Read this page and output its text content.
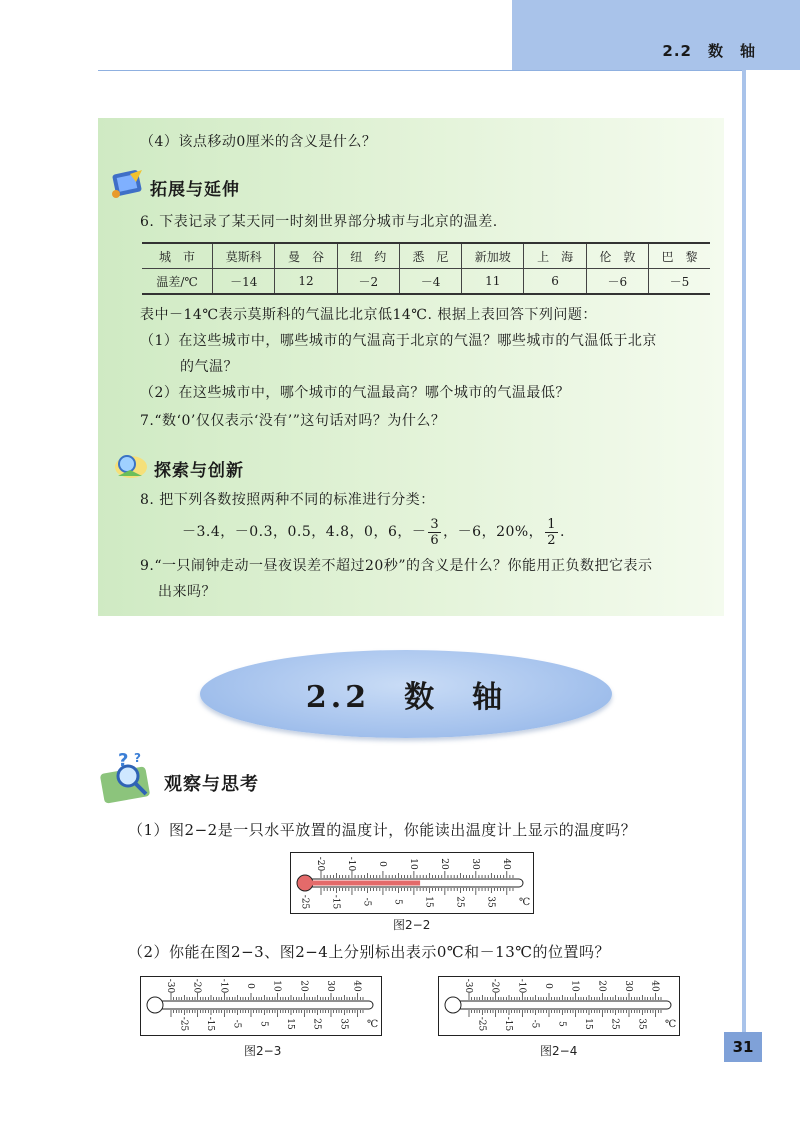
2.2　数　轴
（4）该点移动0厘米的含义是什么？
拓展与延伸
6. 下表记录了某天同一时刻世界部分城市与北京的温差.
城　市	莫斯科	曼　谷	纽　约	悉　尼	新加坡	上　海	伦　敦	巴　黎
温差/℃	－14	12	－2	－4	11	6	－6	－5
表中－14℃表示莫斯科的气温比北京低14℃. 根据上表回答下列问题：
（1）在这些城市中，哪些城市的气温高于北京的气温？哪些城市的气温低于北京
的气温？
（2）在这些城市中，哪个城市的气温最高？哪个城市的气温最低？
7.“数‘0’仅仅表示‘没有’”这句话对吗？为什么？
探索与创新
8. 把下列各数按照两种不同的标准进行分类：
－3.4，－0.3，0.5，4.8，0，6，－ $\frac{3}{6}$ ，－6，20%， $\frac{1}{2}$ .
9.“一只闹钟走动一昼夜误差不超过20秒”的含义是什么？你能用正负数把它表示
出来吗？
2.2　数　轴
? ?
观察与思考
（1）图2−2是一只水平放置的温度计，你能读出温度计上显示的温度吗？
-20 -10 0 10 20 30 40
-25 -15 -5 5 15 25 35 ℃
图2−2
（2）你能在图2−3、图2−4上分别标出表示0℃和－13℃的位置吗？
-30 -20 -10 0 10 20 30 40
-25 -15 -5 5 15 25 35 ℃
图2−3
-30 -20 -10 0 10 20 30 40
-25 -15 -5 5 15 25 35 ℃
图2−4	31
